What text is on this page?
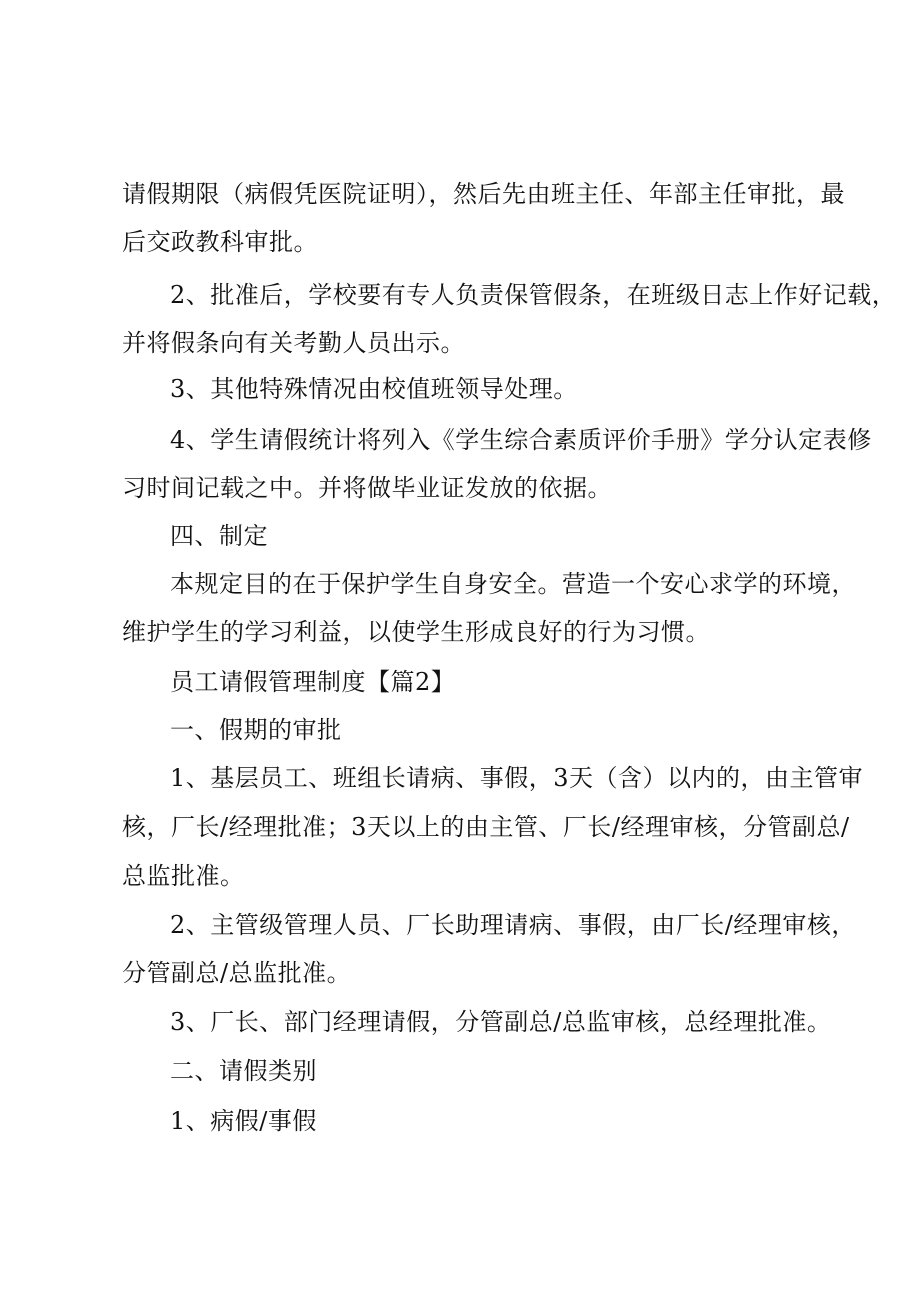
请假期限（病假凭医院证明），然后先由班主任、年部主任审批，最
后交政教科审批。
2、批准后，学校要有专人负责保管假条，在班级日志上作好记载，
并将假条向有关考勤人员出示。
3、其他特殊情况由校值班领导处理。
4、学生请假统计将列入《学生综合素质评价手册》学分认定表修
习时间记载之中。并将做毕业证发放的依据。
四、制定
本规定目的在于保护学生自身安全。营造一个安心求学的环境，
维护学生的学习利益，以使学生形成良好的行为习惯。
员工请假管理制度【篇2】
一、假期的审批
1、基层员工、班组长请病、事假，3天（含）以内的，由主管审
核，厂长/经理批准；3天以上的由主管、厂长/经理审核，分管副总/
总监批准。
2、主管级管理人员、厂长助理请病、事假，由厂长/经理审核，
分管副总/总监批准。
3、厂长、部门经理请假，分管副总/总监审核，总经理批准。
二、请假类别
1、病假/事假
